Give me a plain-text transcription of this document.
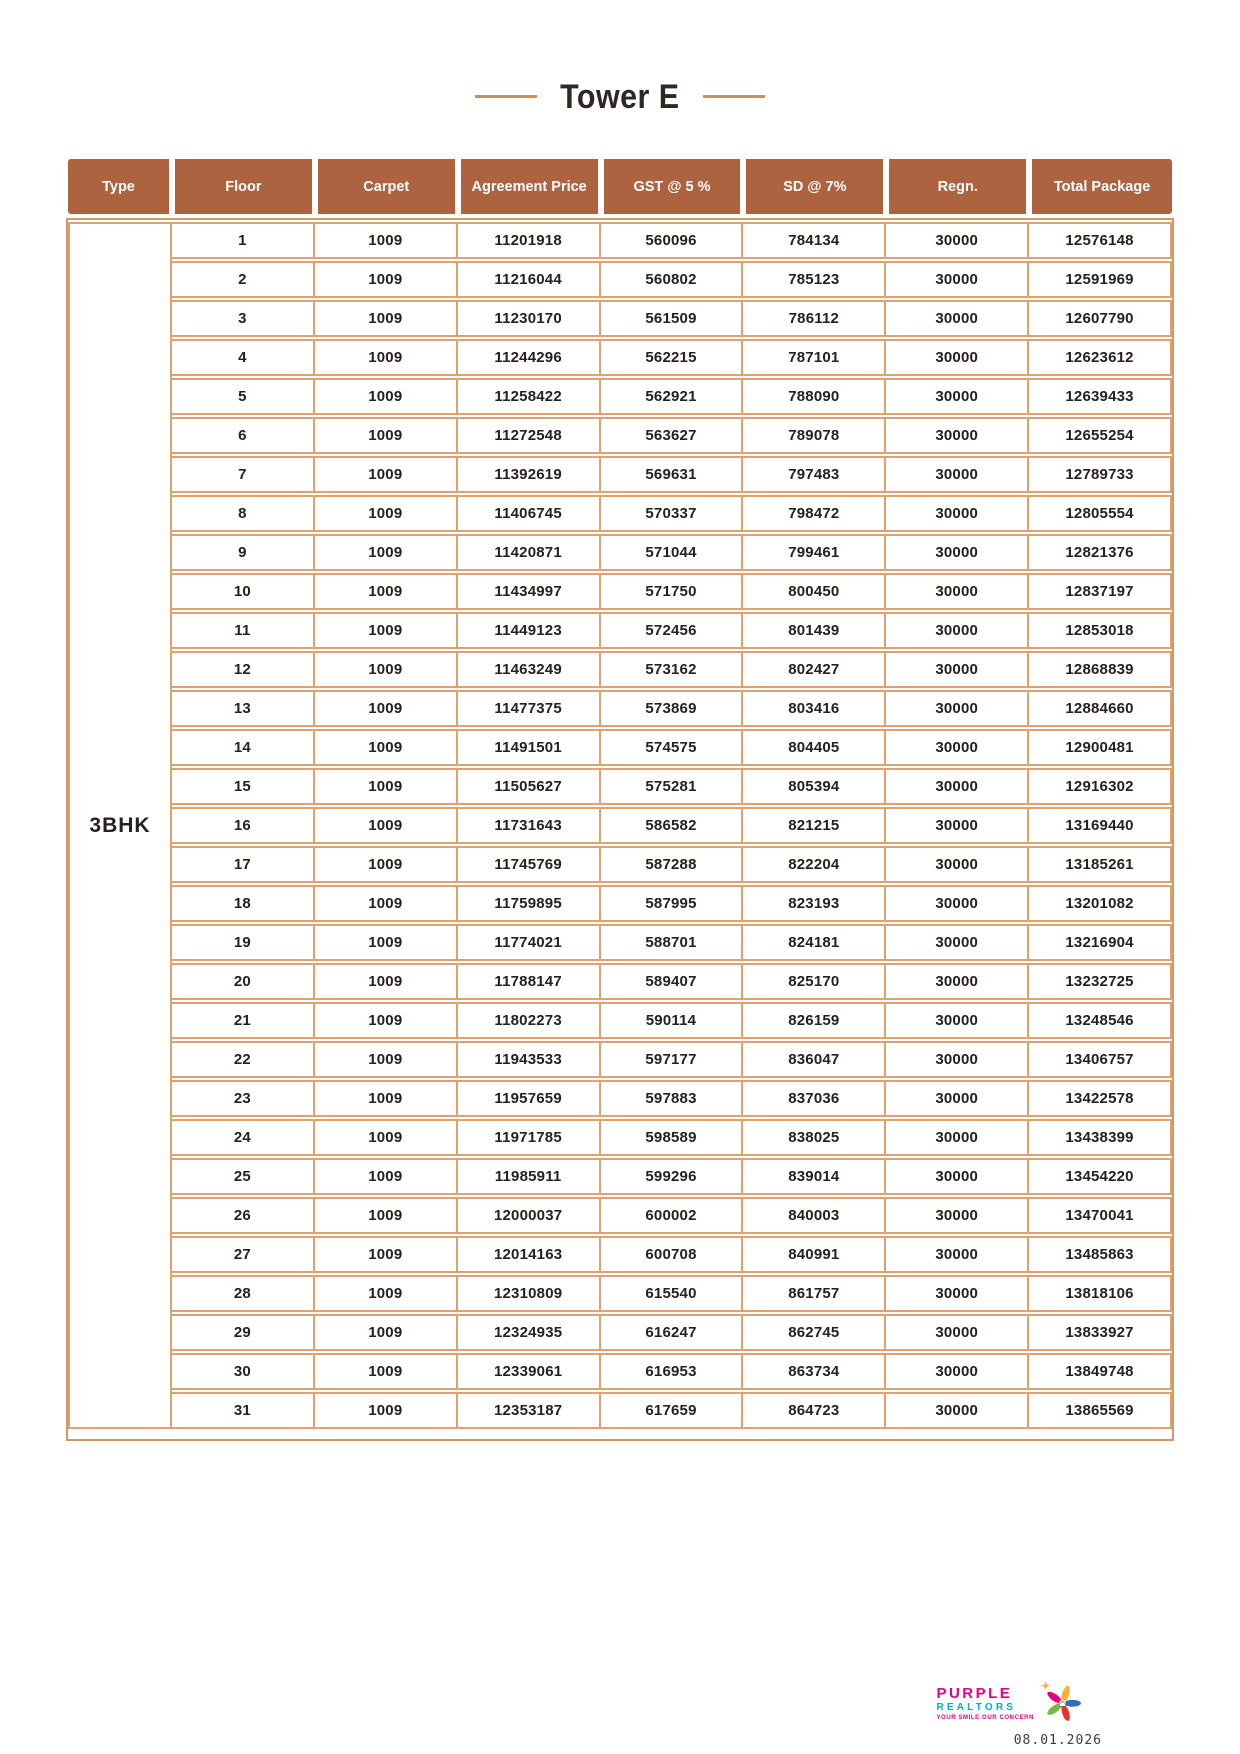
Tower E
Type	Floor	Carpet	Agreement Price	GST @ 5 %	SD @ 7%	Regn.	Total Package
3BHK
1	1009	11201918	560096	784134	30000	12576148
2	1009	11216044	560802	785123	30000	12591969
3	1009	11230170	561509	786112	30000	12607790
4	1009	11244296	562215	787101	30000	12623612
5	1009	11258422	562921	788090	30000	12639433
6	1009	11272548	563627	789078	30000	12655254
7	1009	11392619	569631	797483	30000	12789733
8	1009	11406745	570337	798472	30000	12805554
9	1009	11420871	571044	799461	30000	12821376
10	1009	11434997	571750	800450	30000	12837197
11	1009	11449123	572456	801439	30000	12853018
12	1009	11463249	573162	802427	30000	12868839
13	1009	11477375	573869	803416	30000	12884660
14	1009	11491501	574575	804405	30000	12900481
15	1009	11505627	575281	805394	30000	12916302
16	1009	11731643	586582	821215	30000	13169440
17	1009	11745769	587288	822204	30000	13185261
18	1009	11759895	587995	823193	30000	13201082
19	1009	11774021	588701	824181	30000	13216904
20	1009	11788147	589407	825170	30000	13232725
21	1009	11802273	590114	826159	30000	13248546
22	1009	11943533	597177	836047	30000	13406757
23	1009	11957659	597883	837036	30000	13422578
24	1009	11971785	598589	838025	30000	13438399
25	1009	11985911	599296	839014	30000	13454220
26	1009	12000037	600002	840003	30000	13470041
27	1009	12014163	600708	840991	30000	13485863
28	1009	12310809	615540	861757	30000	13818106
29	1009	12324935	616247	862745	30000	13833927
30	1009	12339061	616953	863734	30000	13849748
31	1009	12353187	617659	864723	30000	13865569
PURPLE
REALTORS
YOUR SMILE OUR CONCERN
08.01.2026
